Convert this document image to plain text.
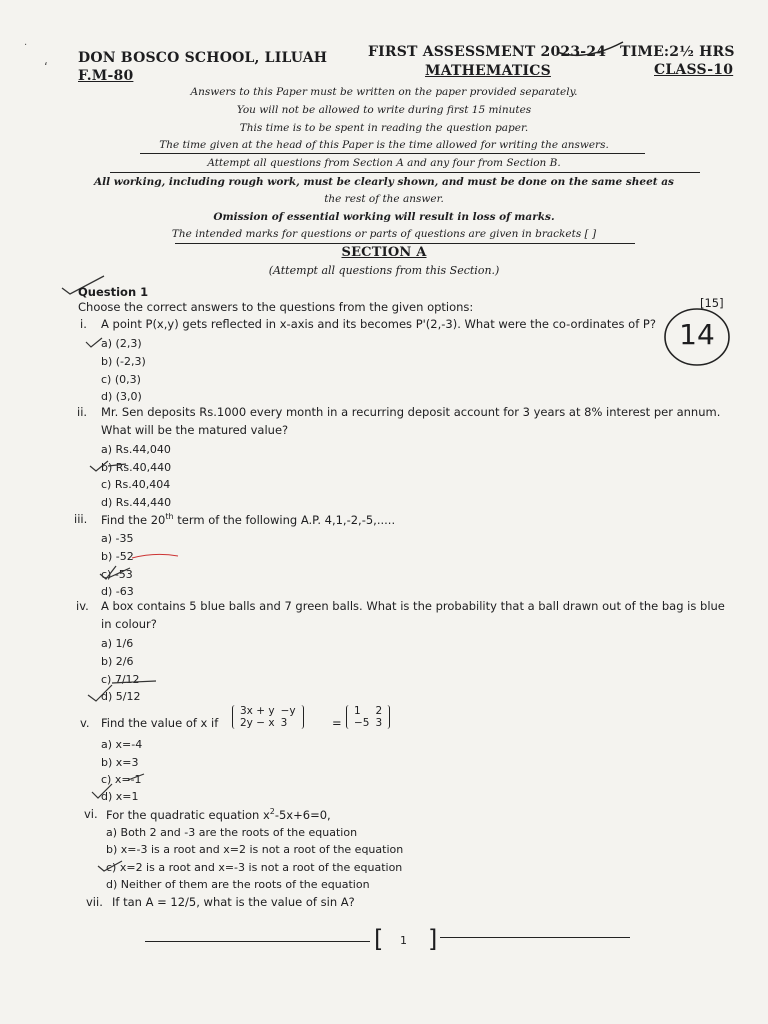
·
‘
DON BOSCO SCHOOL, LILUAH	FIRST ASSESSMENT 2023-24 TIME:2½ HRS
F.M-80	MATHEMATICS	CLASS-10
Answers to this Paper must be written on the paper provided separately.
You will not be allowed to write during first 15 minutes
This time is to be spent in reading the question paper.
The time given at the head of this Paper is the time allowed for writing the answers.
Attempt all questions from Section A and any four from Section B.
All working, including rough work, must be clearly shown, and must be done on the same sheet as
the rest of the answer.
Omission of essential working will result in loss of marks.
The intended marks for questions or parts of questions are given in brackets [ ]
SECTION A
(Attempt all questions from this Section.)
14
Question 1
Choose the correct answers to the questions from the given options:	[15]
i. A point P(x,y) gets reflected in x-axis and its becomes P'(2,-3). What were the co-ordinates of P?
a) (2,3)
b) (-2,3)
c) (0,3)
d) (3,0)
ii. Mr. Sen deposits Rs.1000 every month in a recurring deposit account for 3 years at 8% interest per annum.
What will be the matured value?
a) Rs.44,040
b) Rs.40,440
c) Rs.40,404
d) Rs.44,440
iii. Find the 20th term of the following A.P. 4,1,-2,-5,.....
a) -35
b) -52
c) -53
d) -63
iv. A box contains 5 blue balls and 7 green balls. What is the probability that a ball drawn out of the bag is blue
in colour?
a) 1/6
b) 2/6
c) 7/12
d) 5/12
v. Find the value of x if
3x + y	−y
2y − x	3	=
1	2
−5	3
a) x=-4
b) x=3
c) x=-1
d) x=1
vi. For the quadratic equation $x^2-5x+6=0$,
a) Both 2 and -3 are the roots of the equation
b) x=-3 is a root and x=2 is not a root of the equation
c) x=2 is a root and x=-3 is not a root of the equation
d) Neither of them are the roots of the equation
vii. If tan A = 12/5, what is the value of sin A?
[ 1 ]
